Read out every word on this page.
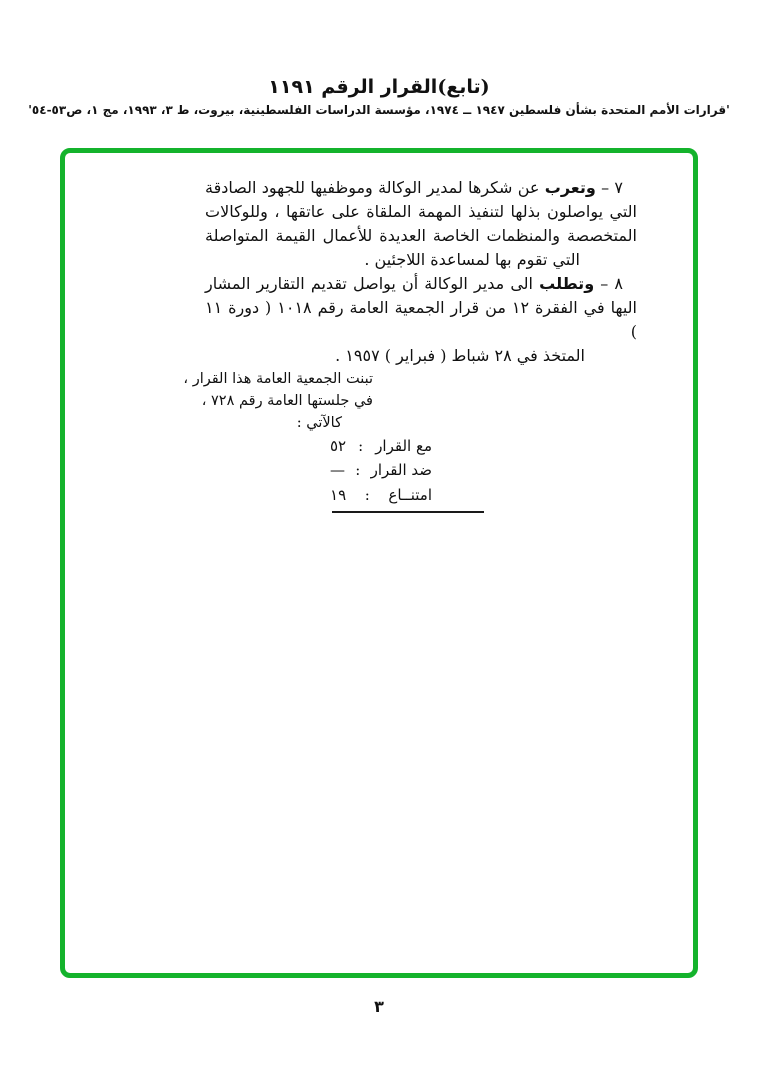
(تابع)القرار الرقم ١١٩١
'قرارات الأمم المتحدة بشأن فلسطين ١٩٤٧ ــ ١٩٧٤، مؤسسة الدراسات الفلسطينية، بيروت، ط ٣، ١٩٩٣، مج ١، ص٥٣-٥٤'
٧ – وتعرب عن شكرها لمدير الوكالة وموظفيها للجهود الصادقة
التي يواصلون بذلها لتنفيذ المهمة الملقاة على عاتقها ، وللوكالات
المتخصصة والمنظمات الخاصة العديدة للأعمال القيمة المتواصلة
التي تقوم بها لمساعدة اللاجئين .
٨ – وتطلب الى مدير الوكالة أن يواصل تقديم التقارير المشار
اليها في الفقرة ١٢ من قرار الجمعية العامة رقم ١٠١٨ ( دورة ١١ )
المتخذ في ٢٨ شباط ( فبراير ) ١٩٥٧ .
تبنت الجمعية العامة هذا القرار ،
في جلستها العامة رقم ٧٢٨ ،
كالآتي :
مع القرار
:
٥٢
ضد القرار
:
—
امتنــاع
:
١٩
٣
